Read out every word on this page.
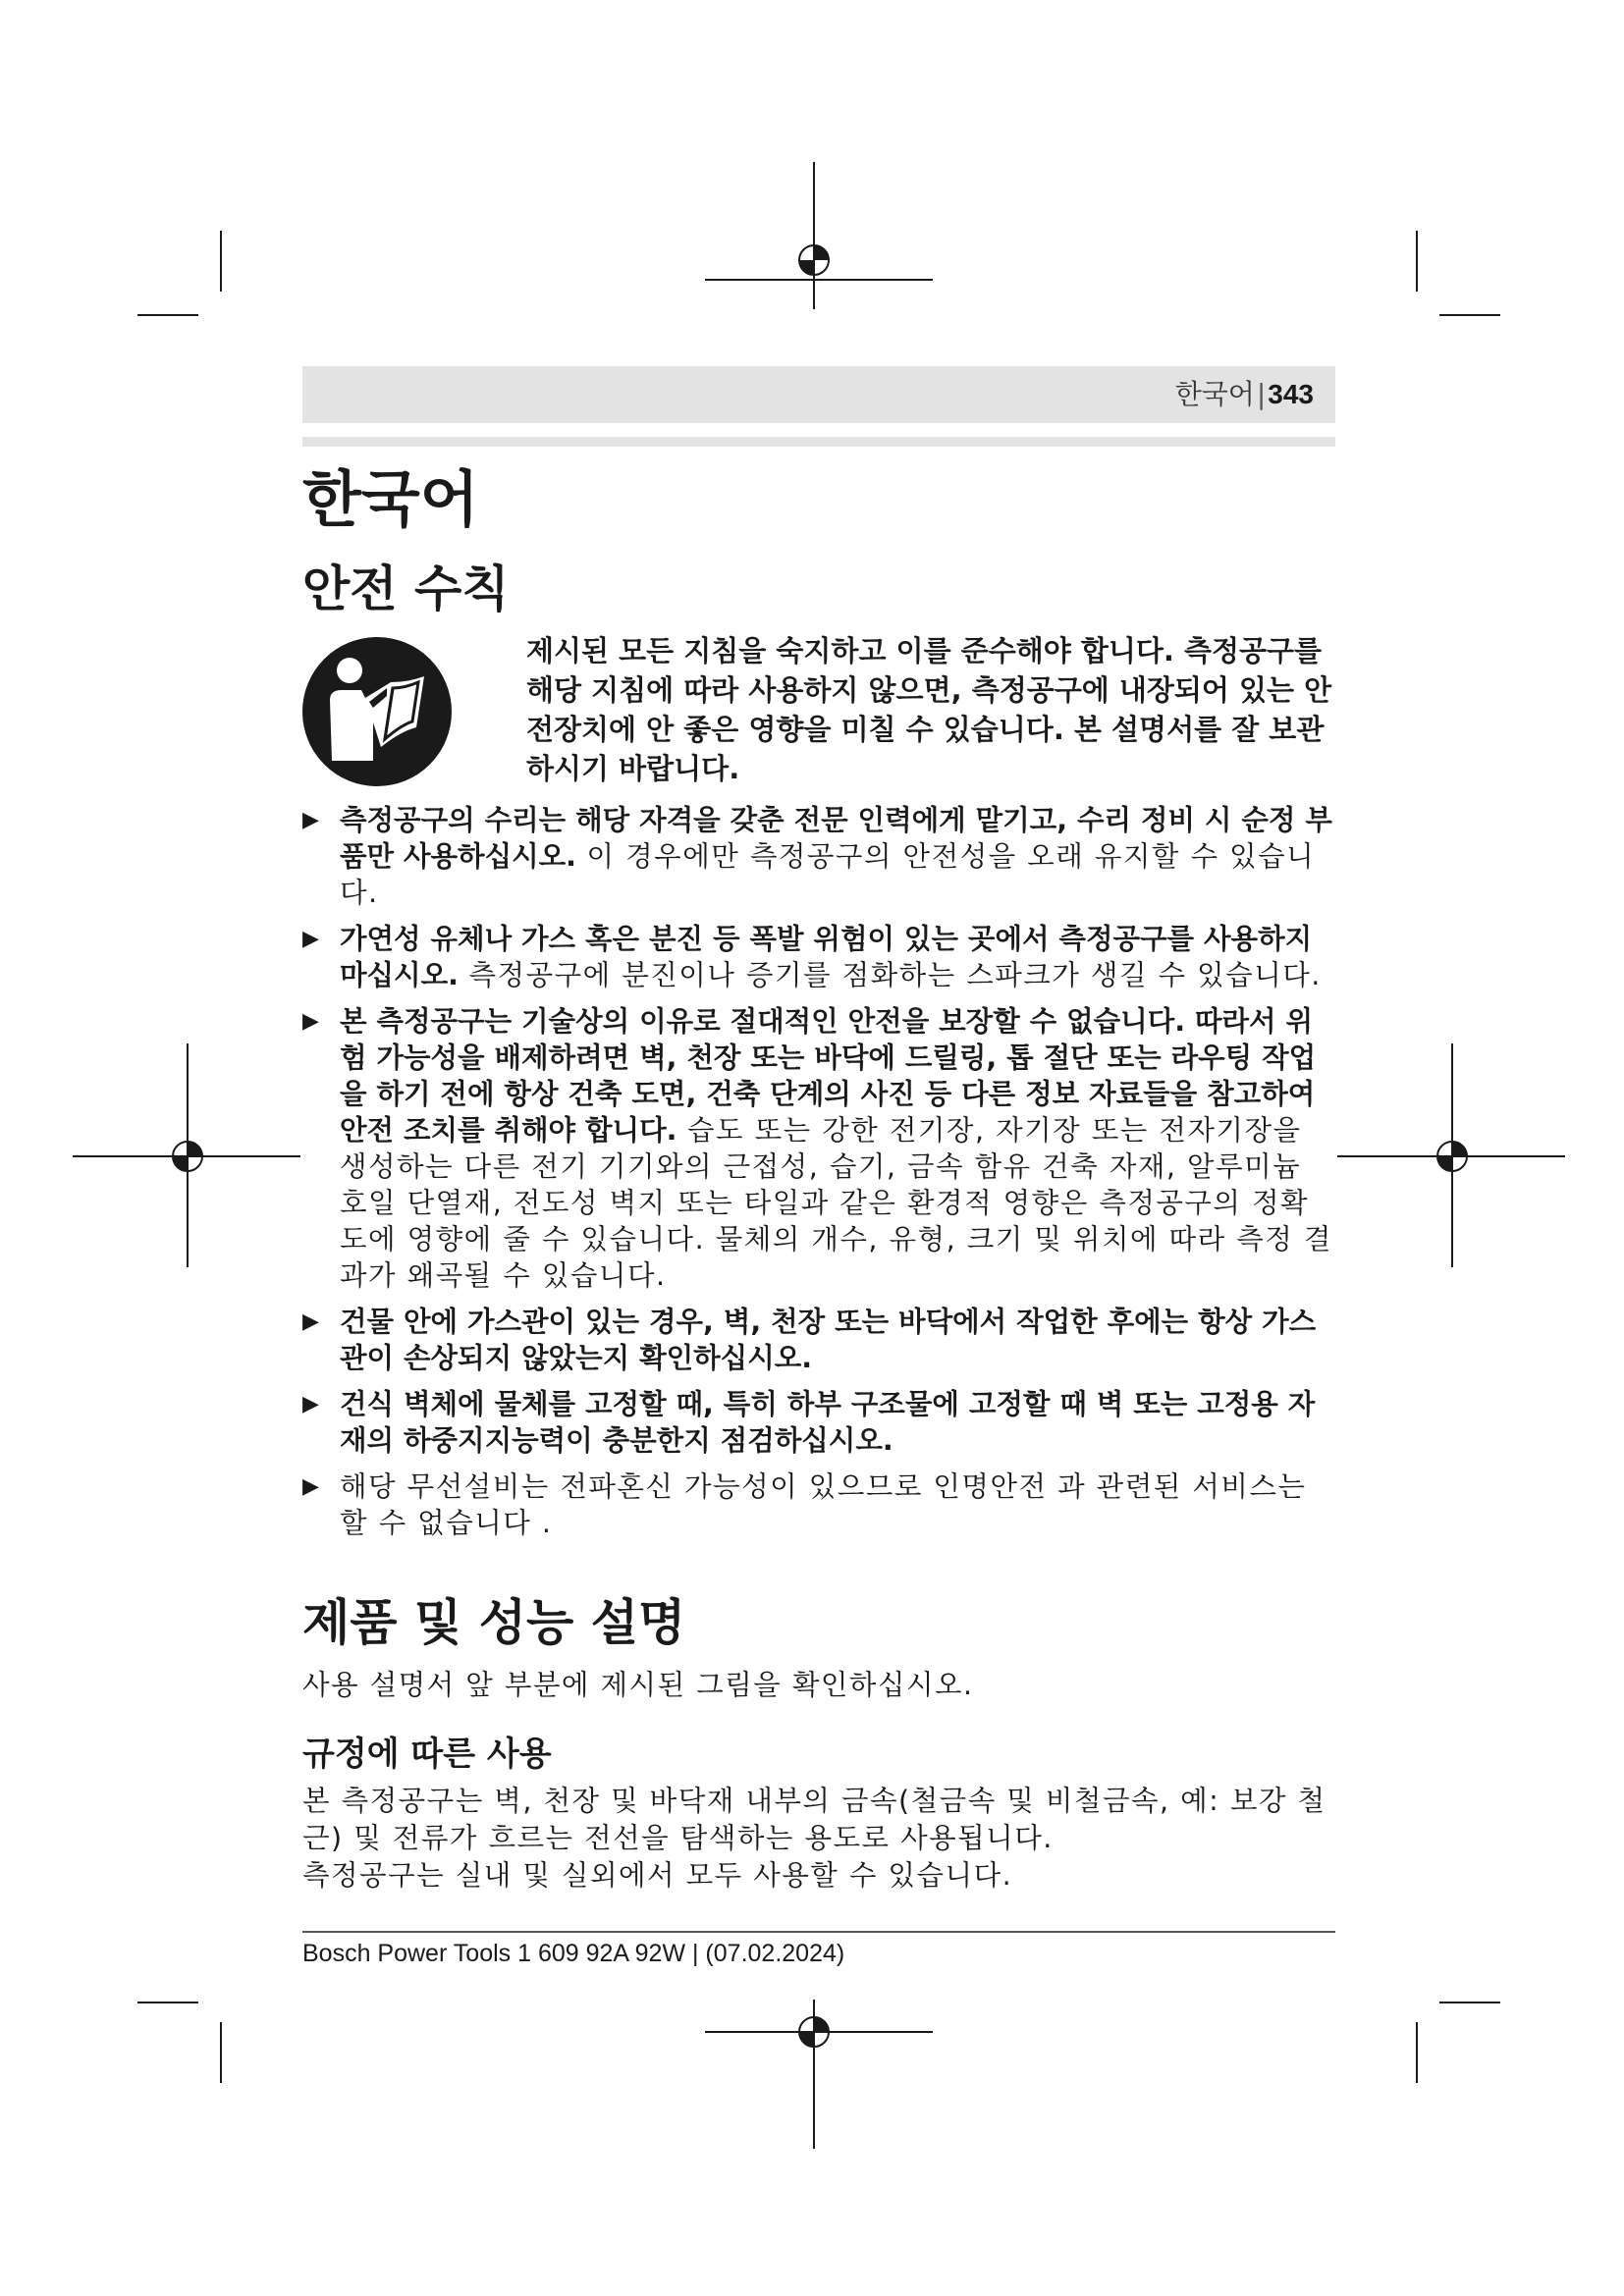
한국어|343
한국어
안전 수칙
제시된 모든 지침을 숙지하고 이를 준수해야 합니다. 측정공구를 해당 지침에 따라 사용하지 않으면, 측정공구에 내장되어 있는 안전장치에 안 좋은 영향을 미칠 수 있습니다. 본 설명서를 잘 보관하시기 바랍니다.
▶ 측정공구의 수리는 해당 자격을 갖춘 전문 인력에게 맡기고, 수리 정비 시 순정 부품만 사용하십시오. 이 경우에만 측정공구의 안전성을 오래 유지할 수 있습니다.
▶ 가연성 유체나 가스 혹은 분진 등 폭발 위험이 있는 곳에서 측정공구를 사용하지 마십시오. 측정공구에 분진이나 증기를 점화하는 스파크가 생길 수 있습니다.
▶ 본 측정공구는 기술상의 이유로 절대적인 안전을 보장할 수 없습니다. 따라서 위험 가능성을 배제하려면 벽, 천장 또는 바닥에 드릴링, 톱 절단 또는 라우팅 작업을 하기 전에 항상 건축 도면, 건축 단계의 사진 등 다른 정보 자료들을 참고하여 안전 조치를 취해야 합니다. 습도 또는 강한 전기장, 자기장 또는 전자기장을 생성하는 다른 전기 기기와의 근접성, 습기, 금속 함유 건축 자재, 알루미늄 호일 단열재, 전도성 벽지 또는 타일과 같은 환경적 영향은 측정공구의 정확도에 영향에 줄 수 있습니다. 물체의 개수, 유형, 크기 및 위치에 따라 측정 결과가 왜곡될 수 있습니다.
▶ 건물 안에 가스관이 있는 경우, 벽, 천장 또는 바닥에서 작업한 후에는 항상 가스관이 손상되지 않았는지 확인하십시오.
▶ 건식 벽체에 물체를 고정할 때, 특히 하부 구조물에 고정할 때 벽 또는 고정용 자재의 하중지지능력이 충분한지 점검하십시오.
▶ 해당 무선설비는 전파혼신 가능성이 있으므로 인명안전 과 관련된 서비스는 할 수 없습니다 .
제품 및 성능 설명

사용 설명서 앞 부분에 제시된 그림을 확인하십시오.

규정에 따른 사용

본 측정공구는 벽, 천장 및 바닥재 내부의 금속(철금속 및 비철금속, 예: 보강 철근) 및 전류가 흐르는 전선을 탐색하는 용도로 사용됩니다.

측정공구는 실내 및 실외에서 모두 사용할 수 있습니다.

Bosch Power Tools 1 609 92A 92W | (07.02.2024)
